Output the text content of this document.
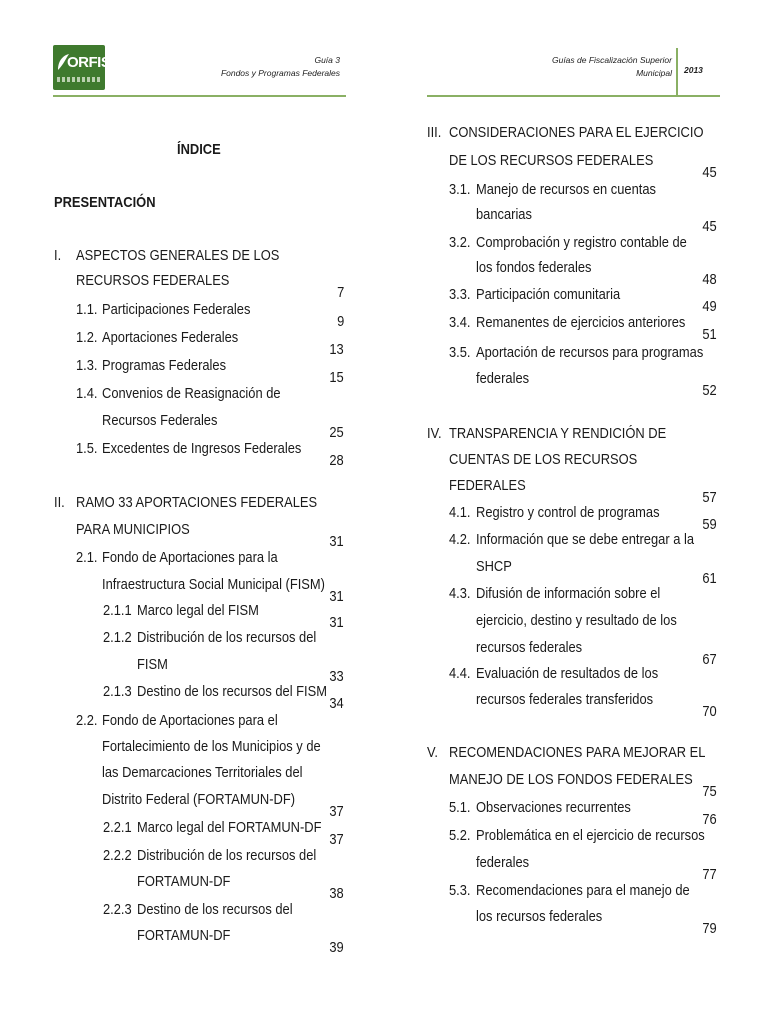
ORFIS	Guía 3
Fondos y Programas Federales
Guías de Fiscalización Superior
Municipal 2013
ÍNDICE
PRESENTACIÓN
I. ASPECTOS GENERALES DE LOS
RECURSOS FEDERALES
7
1.1. Participaciones Federales
9
1.2. Aportaciones Federales
13
1.3. Programas Federales
15
1.4. Convenios de Reasignación de
Recursos Federales
25
1.5. Excedentes de Ingresos Federales
28
II. RAMO 33 APORTACIONES FEDERALES
PARA MUNICIPIOS
31
2.1. Fondo de Aportaciones para la
Infraestructura Social Municipal (FISM)
31
2.1.1 Marco legal del FISM
31
2.1.2 Distribución de los recursos del
FISM
33
2.1.3 Destino de los recursos del FISM
34
2.2. Fondo de Aportaciones para el
Fortalecimiento de los Municipios y de
las Demarcaciones Territoriales del
Distrito Federal (FORTAMUN-DF)
37
2.2.1 Marco legal del FORTAMUN-DF
37
2.2.2 Distribución de los recursos del
FORTAMUN-DF
38
2.2.3 Destino de los recursos del
FORTAMUN-DF
39
III. CONSIDERACIONES PARA EL EJERCICIO
DE LOS RECURSOS FEDERALES
45
3.1. Manejo de recursos en cuentas
bancarias
45
3.2. Comprobación y registro contable de
los fondos federales
48
3.3. Participación comunitaria
49
3.4. Remanentes de ejercicios anteriores
51
3.5. Aportación de recursos para programas
federales
52
IV. TRANSPARENCIA Y RENDICIÓN DE
CUENTAS DE LOS RECURSOS
FEDERALES
57
4.1. Registro y control de programas
59
4.2. Información que se debe entregar a la
SHCP
61
4.3. Difusión de información sobre el
ejercicio, destino y resultado de los
recursos federales
67
4.4. Evaluación de resultados de los
recursos federales transferidos
70
V. RECOMENDACIONES PARA MEJORAR EL
MANEJO DE LOS FONDOS FEDERALES
75
5.1. Observaciones recurrentes
76
5.2. Problemática en el ejercicio de recursos
federales
77
5.3. Recomendaciones para el manejo de
los recursos federales
79
